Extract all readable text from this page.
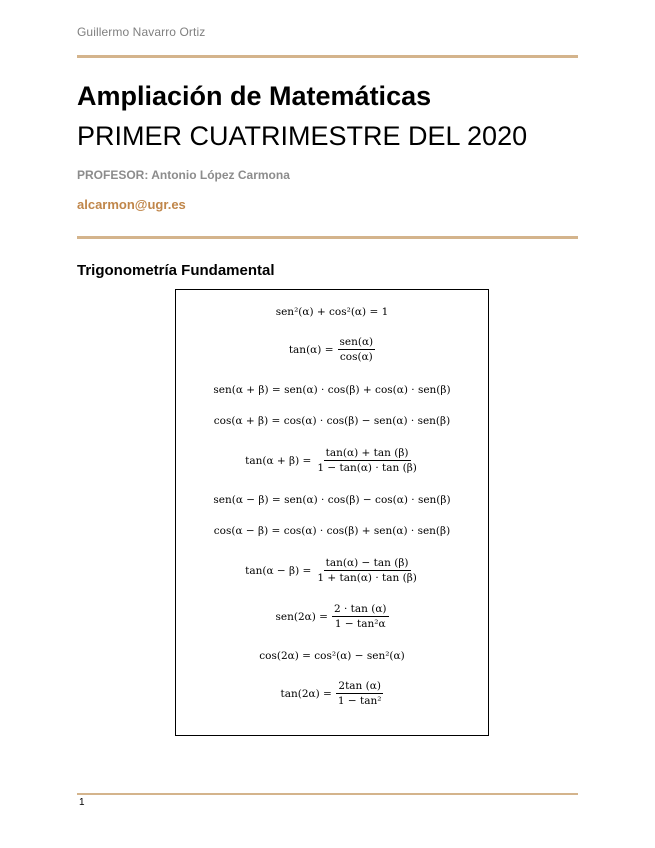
Guillermo Navarro Ortiz
Ampliación de Matemáticas
PRIMER CUATRIMESTRE DEL 2020
PROFESOR: Antonio López Carmona
alcarmon@ugr.es
Trigonometría Fundamental
sen²(α) + cos²(α) = 1
$\tan(\alpha) = \frac{\text{sen(α)}}{\cos(\alpha)}$
sen(α + β) = sen(α) · cos(β) + cos(α) · sen(β)
cos(α + β) = cos(α) · cos(β) − sen(α) · sen(β)
$\tan(\alpha + \beta) = \frac{\tan(\alpha) + \tan (\beta)}{1 - \tan(\alpha) \cdot \tan (\beta)}$
sen(α − β) = sen(α) · cos(β) − cos(α) · sen(β)
cos(α − β) = cos(α) · cos(β) + sen(α) · sen(β)
$\tan(\alpha - \beta) = \frac{\tan(\alpha) - \tan (\beta)}{1 + \tan(\alpha) \cdot \tan (\beta)}$
$sen(2\alpha) = \frac{2 \cdot \tan (\alpha)}{\text{1 − tan²α}}$
cos(2α) = cos²(α) − sen²(α)
$\tan(2\alpha) = \frac{2\tan (\alpha)}{\text{1 − tan²}}$
1
